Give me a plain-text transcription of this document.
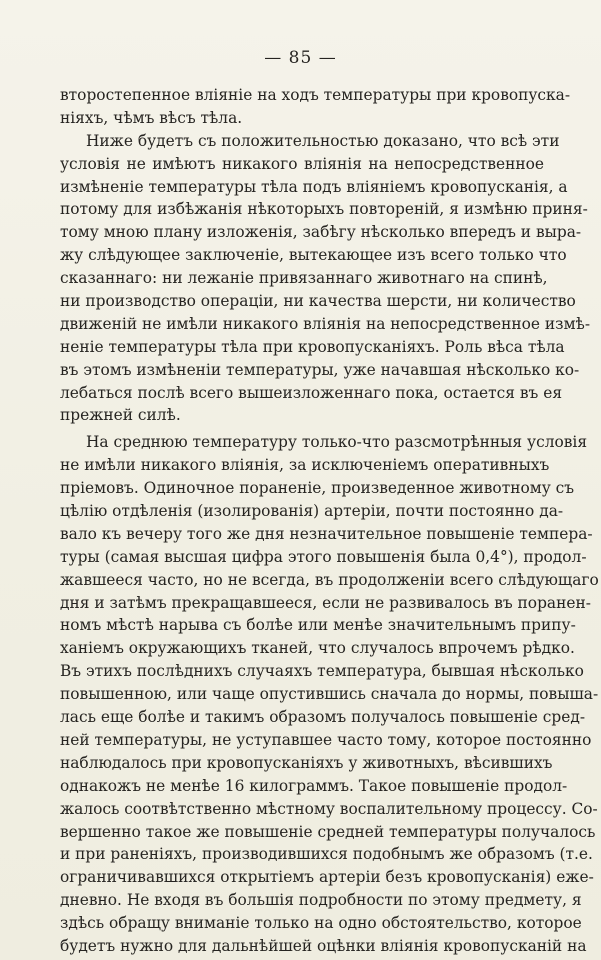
— 85 —
второстепенное вліяніе на ходъ температуры при кровопуска-
ніяхъ, чѣмъ вѣсъ тѣла.
Ниже будетъ съ положительностью доказано, что всѣ эти
условія не имѣютъ никакого вліянія на непосредственное
измѣненіе температуры тѣла подъ вліяніемъ кровопусканія, а
потому для избѣжанія нѣкоторыхъ повтореній, я измѣню приня-
тому мною плану изложенія, забѣгу нѣсколько впередъ и выра-
жу слѣдующее заключеніе, вытекающее изъ всего только что
сказаннаго: ни лежаніе привязаннаго животнаго на спинѣ,
ни производство операціи, ни качества шерсти, ни количество
движеній не имѣли никакого вліянія на непосредственное измѣ-
неніе температуры тѣла при кровопусканіяхъ. Роль вѣса тѣла
въ этомъ измѣненіи температуры, уже начавшая нѣсколько ко-
лебаться послѣ всего вышеизложеннаго пока, остается въ ея
прежней силѣ.
На среднюю температуру только-что разсмотрѣнныя условія
не имѣли никакого вліянія, за исключеніемъ оперативныхъ
пріемовъ. Одиночное пораненіе, произведенное животному съ
цѣлію отдѣленія (изолированія) артеріи, почти постоянно да-
вало къ вечеру того же дня незначительное повышеніе темпера-
туры (самая высшая цифра этого повышенія была 0,4°), продол-
жавшееся часто, но не всегда, въ продолженіи всего слѣдующаго
дня и затѣмъ прекращавшееся, если не развивалось въ поранен-
номъ мѣстѣ нарыва съ болѣе или менѣе значительнымъ припу-
ханіемъ окружающихъ тканей, что случалось впрочемъ рѣдко.
Въ этихъ послѣднихъ случаяхъ температура, бывшая нѣсколько
повышенною, или чаще опустившись сначала до нормы, повыша-
лась еще болѣе и такимъ образомъ получалось повышеніе сред-
ней температуры, не уступавшее часто тому, которое постоянно
наблюдалось при кровопусканіяхъ у животныхъ, вѣсившихъ
однакожъ не менѣе 16 килограммъ. Такое повышеніе продол-
жалось соотвѣтственно мѣстному воспалительному процессу. Со-
вершенно такое же повышеніе средней температуры получалось
и при раненіяхъ, производившихся подобнымъ же образомъ (т.е.
ограничивавшихся открытіемъ артеріи безъ кровопусканія) еже-
дневно. Не входя въ большія подробности по этому предмету, я
здѣсь обращу вниманіе только на одно обстоятельство, которое
будетъ нужно для дальнѣйшей оцѣнки вліянія кровопусканій на
